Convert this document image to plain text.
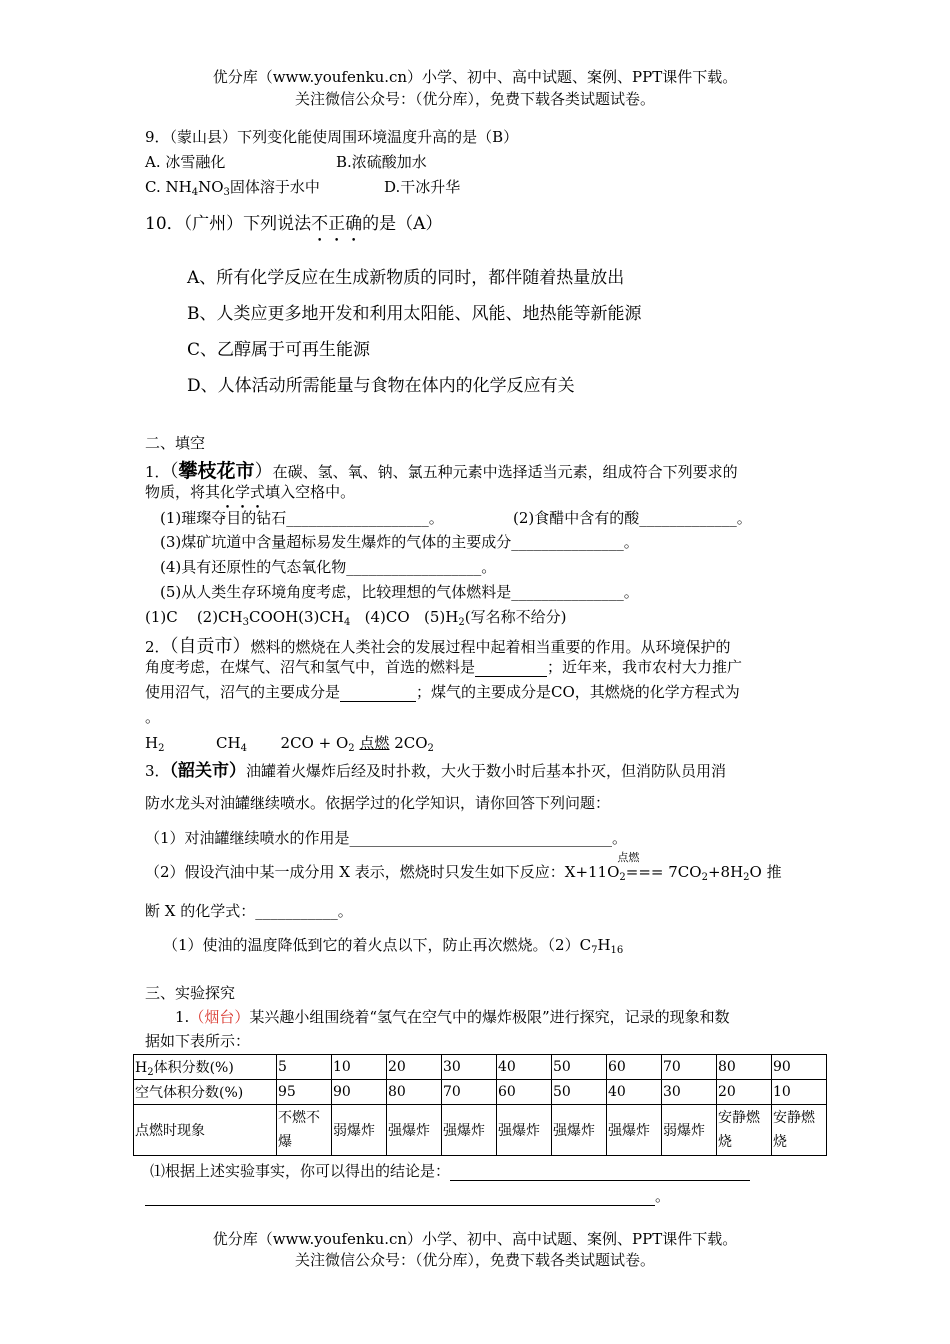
优分库（www.youfenku.cn）小学、初中、高中试题、案例、PPT课件下载。
关注微信公众号：（优分库），免费下载各类试题试卷。
9．（蒙山县）下列变化能使周围环境温度升高的是（B）
A. 冰雪融化	B.浓硫酸加水
C. $NH_4NO_3$固体溶于水中	D.干冰升华
10．（广州）下列说法不正确的是（A）
A、所有化学反应在生成新物质的同时，都伴随着热量放出
B、人类应更多地开发和利用太阳能、风能、地热能等新能源
C、乙醇属于可再生能源
D、人体活动所需能量与食物在体内的化学反应有关
二、填空
1．（攀枝花市）在碳、氢、氧、钠、氯五种元素中选择适当元素，组成符合下列要求的
物质，将其化学式填入空格中。
(1)璀璨夺目的钻石___________________。	(2)食醋中含有的酸_____________。
(3)煤矿坑道中含量超标易发生爆炸的气体的主要成分_______________。
(4)具有还原性的气态氧化物__________________。
(5)从人类生存环境角度考虑，比较理想的气体燃料是_______________。
(1)C $(2)CH_3COOH(3)CH_4$ (4)CO $(5)H_2$(写名称不给分)
2．（自贡市）燃料的燃烧在人类社会的发展过程中起着相当重要的作用。从环境保护的
角度考虑，在煤气、沼气和氢气中，首选的燃料是	；近年来，我市农村大力推广
使用沼气，沼气的主要成分是	；煤气的主要成分是CO，其燃烧的化学方程式为
。
$H_2$	$CH_4$ $2CO + O_2$ 点燃 $2CO_2$
3．（韶关市）油罐着火爆炸后经及时扑救，大火于数小时后基本扑灭，但消防队员用消
防水龙头对油罐继续喷水。依据学过的化学知识，请你回答下列问题：
（1）对油罐继续喷水的作用是___________________________________。
（2）假设汽油中某一成分用 X 表示，燃烧时只发生如下反应：$X+11O_2$
点燃
=== $7CO_2+8H_2O$ 推
断 X 的化学式：___________。
（1）使油的温度降低到它的着火点以下，防止再次燃烧。$(2)C_7H_{16}$
三、实验探究
1.（烟台）某兴趣小组围绕着“氢气在空气中的爆炸极限”进行探究，记录的现象和数
据如下表所示：
$H_2$体积分数(%)	5	10	20	30	40	50	60	70	80	90
空气体积分数(%)	95	90	80	70	60	50	40	30	20	10
点燃时现象	不燃不爆	弱爆炸	强爆炸	强爆炸	强爆炸	强爆炸	强爆炸	弱爆炸	安静燃烧	安静燃烧
⑴根据上述实验事实，你可以得出的结论是：
。
优分库（www.youfenku.cn）小学、初中、高中试题、案例、PPT课件下载。
关注微信公众号：（优分库），免费下载各类试题试卷。
